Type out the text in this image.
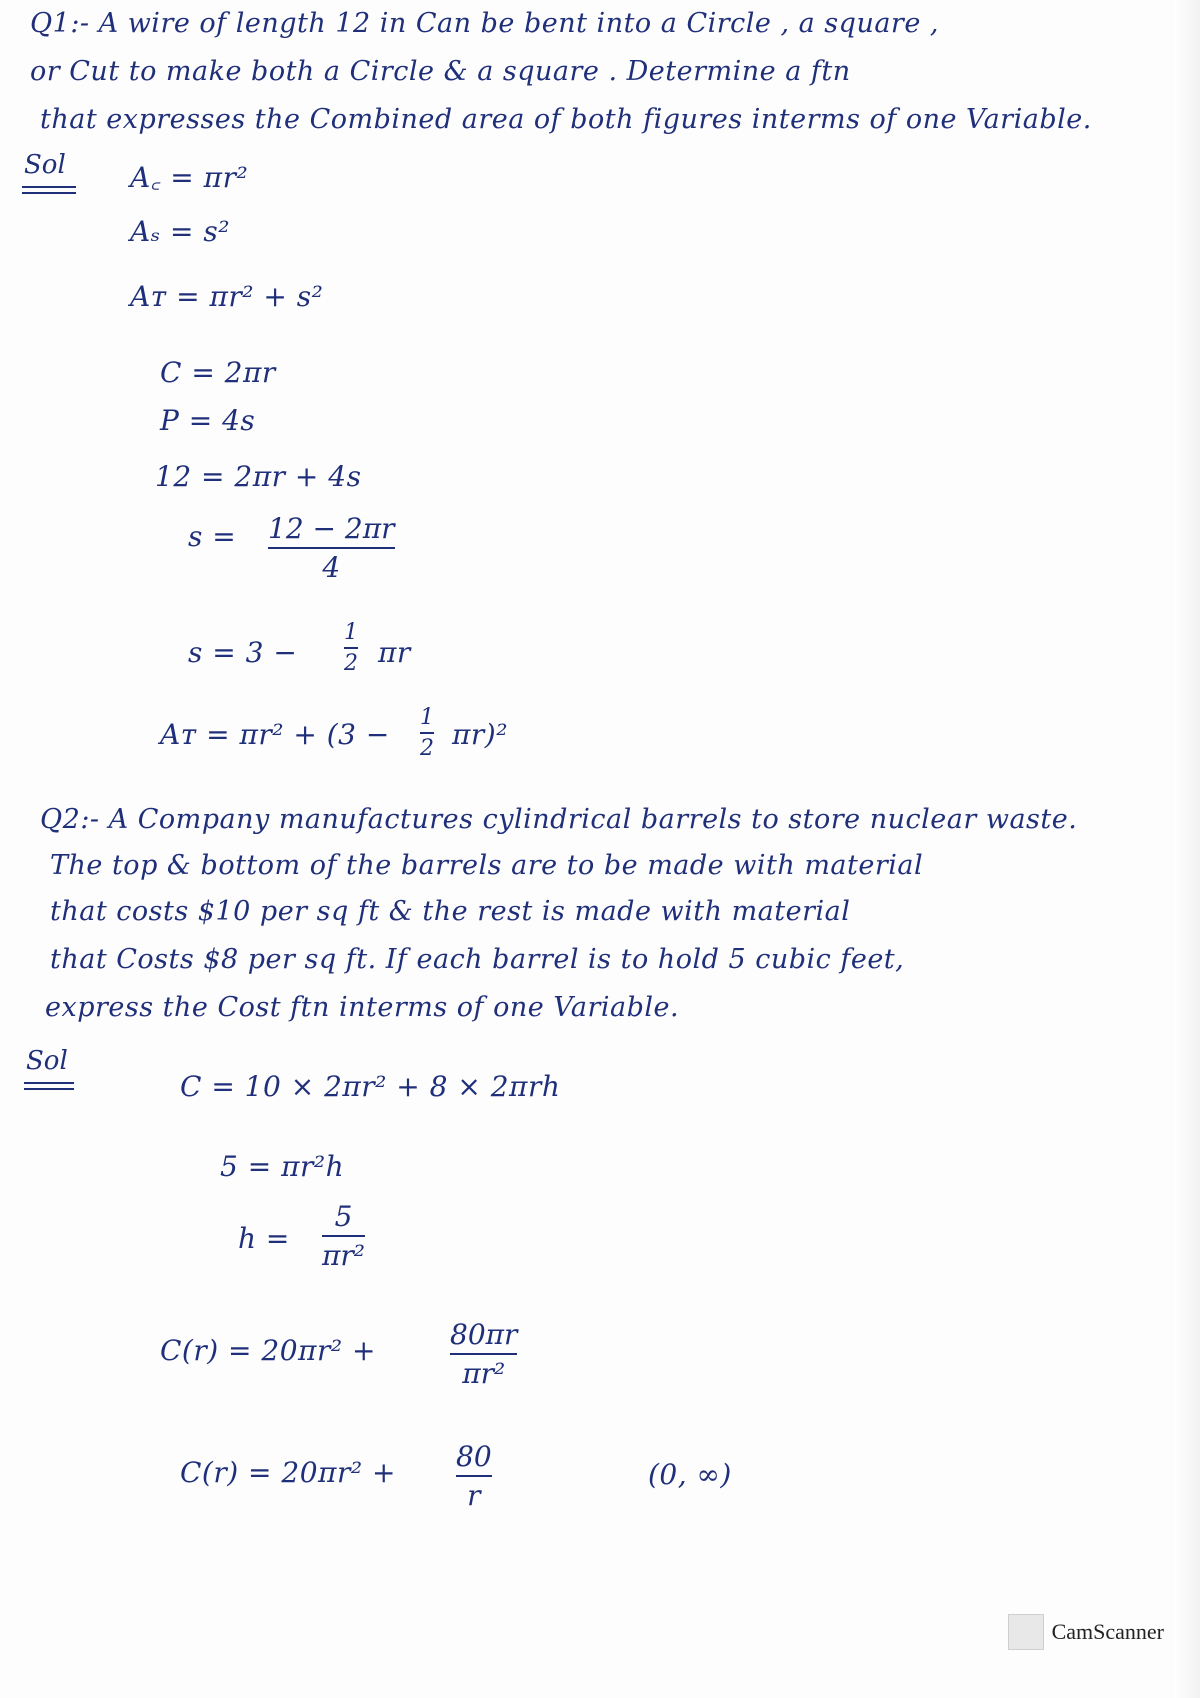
Q1:- A wire of length 12 in Can be bent into a Circle , a square ,
or Cut to make both a Circle & a square . Determine a ftn
that expresses the Combined area of both figures interms of one Variable.
Sol A꜀ = πr²
Aₛ = s²
Aᴛ = πr² + s²
C = 2πr
P = 4s
12 = 2πr + 4s
s = 12 − 2πr
4
s = 3 −
1
2 πr
Aᴛ = πr² + (3 −
1
2 πr)²
Q2:- A Company manufactures cylindrical barrels to store nuclear waste.
The top & bottom of the barrels are to be made with material
that costs $10 per sq ft & the rest is made with material
that Costs $8 per sq ft. If each barrel is to hold 5 cubic feet,
express the Cost ftn interms of one Variable.
Sol
C = 10 × 2πr² + 8 × 2πrh
5 = πr²h
h =
5
πr²
C(r) = 20πr² +	80πr
πr²
C(r) = 20πr² + 80
r
(0, ∞)
CamScanner
